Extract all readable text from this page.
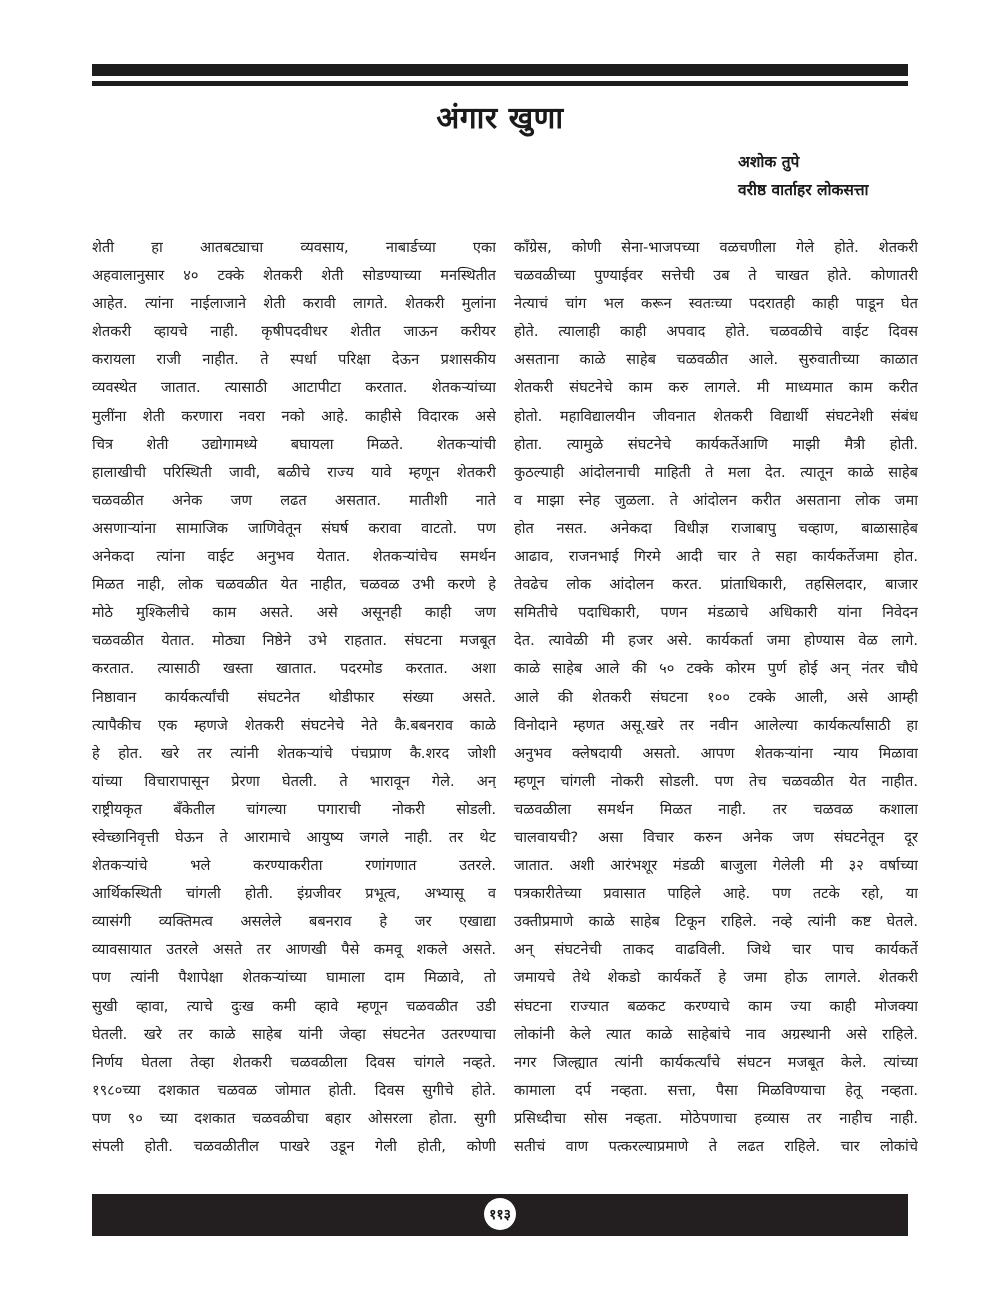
अंगार खुणा
अशोक तुपे
वरीष्ठ वार्ताहर लोकसत्ता
शेती हा आतबट्याचा व्यवसाय, नाबार्डच्या एका
अहवालानुसार ४० टक्के शेतकरी शेती सोडण्याच्या मनस्थितीत
आहेत. त्यांना नाईलाजाने शेती करावी लागते. शेतकरी मुलांना
शेतकरी व्हायचे नाही. कृषीपदवीधर शेतीत जाऊन करीयर
करायला राजी नाहीत. ते स्पर्धा परिक्षा देऊन प्रशासकीय
व्यवस्थेत जातात. त्यासाठी आटापीटा करतात. शेतकऱ्यांच्या
मुलींना शेती करणारा नवरा नको आहे. काहीसे विदारक असे
चित्र शेती उद्योगामध्ये बघायला मिळते. शेतकऱ्यांची
हालाखीची परिस्थिती जावी, बळीचे राज्य यावे म्हणून शेतकरी
चळवळीत अनेक जण लढत असतात. मातीशी नाते
असणाऱ्यांना सामाजिक जाणिवेतून संघर्ष करावा वाटतो. पण
अनेकदा त्यांना वाईट अनुभव येतात. शेतकऱ्यांचेच समर्थन
मिळत नाही, लोक चळवळीत येत नाहीत, चळवळ उभी करणे हे
मोठे मुश्किलीचे काम असते. असे असूनही काही जण
चळवळीत येतात. मोठ्या निष्ठेने उभे राहतात. संघटना मजबूत
करतात. त्यासाठी खस्ता खातात. पदरमोड करतात. अशा
निष्ठावान कार्यकर्त्यांची संघटनेत थोडीफार संख्या असते.
त्यापैकीच एक म्हणजे शेतकरी संघटनेचे नेते कै.बबनराव काळे
हे होत. खरे तर त्यांनी शेतकऱ्यांचे पंचप्राण कै.शरद जोशी
यांच्या विचारापासून प्रेरणा घेतली. ते भारावून गेले. अन्
राष्ट्रीयकृत बँकेतील चांगल्या पगाराची नोकरी सोडली.
स्वेच्छानिवृत्ती घेऊन ते आरामाचे आयुष्य जगले नाही. तर थेट
शेतकऱ्यांचे भले करण्याकरीता रणांगणात उतरले.
आर्थिकस्थिती चांगली होती. इंग्रजीवर प्रभूत्व, अभ्यासू व
व्यासंगी व्यक्तिमत्व असलेले बबनराव हे जर एखाद्या
व्यावसायात उतरले असते तर आणखी पैसे कमवू शकले असते.
पण त्यांनी पैशापेक्षा शेतकऱ्यांच्या घामाला दाम मिळावे, तो
सुखी व्हावा, त्याचे दुःख कमी व्हावे म्हणून चळवळीत उडी
घेतली. खरे तर काळे साहेब यांनी जेव्हा संघटनेत उतरण्याचा
निर्णय घेतला तेव्हा शेतकरी चळवळीला दिवस चांगले नव्हते.
१९८०च्या दशकात चळवळ जोमात होती. दिवस सुगीचे होते.
पण ९० च्या दशकात चळवळीचा बहार ओसरला होता. सुगी
संपली होती. चळवळीतील पाखरे उडून गेली होती, कोणी
काँग्रेस, कोणी सेना-भाजपच्या वळचणीला गेले होते. शेतकरी
चळवळीच्या पुण्याईवर सत्तेची उब ते चाखत होते. कोणातरी
नेत्याचं चांग भल करून स्वतःच्या पदरातही काही पाडून घेत
होते. त्यालाही काही अपवाद होते. चळवळीचे वाईट दिवस
असताना काळे साहेब चळवळीत आले. सुरुवातीच्या काळात
शेतकरी संघटनेचे काम करु लागले. मी माध्यमात काम करीत
होतो. महाविद्यालयीन जीवनात शेतकरी विद्यार्थी संघटनेशी संबंध
होता. त्यामुळे संघटनेचे कार्यकर्तेआणि माझी मैत्री होती.
कुठल्याही आंदोलनाची माहिती ते मला देत. त्यातून काळे साहेब
व माझा स्नेह जुळला. ते आंदोलन करीत असताना लोक जमा
होत नसत. अनेकदा विधीज्ञ राजाबापु चव्हाण, बाळासाहेब
आढाव, राजनभाई गिरमे आदी चार ते सहा कार्यकर्तेजमा होत.
तेवढेच लोक आंदोलन करत. प्रांताधिकारी, तहसिलदार, बाजार
समितीचे पदाधिकारी, पणन मंडळाचे अधिकारी यांना निवेदन
देत. त्यावेळी मी हजर असे. कार्यकर्ता जमा होण्यास वेळ लागे.
काळे साहेब आले की ५० टक्के कोरम पुर्ण होई अन् नंतर चौघे
आले की शेतकरी संघटना १०० टक्के आली, असे आम्ही
विनोदाने म्हणत असू.खरे तर नवीन आलेल्या कार्यकर्त्यांसाठी हा
अनुभव क्लेषदायी असतो. आपण शेतकऱ्यांना न्याय मिळावा
म्हणून चांगली नोकरी सोडली. पण तेच चळवळीत येत नाहीत.
चळवळीला समर्थन मिळत नाही. तर चळवळ कशाला
चालवायची? असा विचार करुन अनेक जण संघटनेतून दूर
जातात. अशी आरंभशूर मंडळी बाजुला गेलेली मी ३२ वर्षाच्या
पत्रकारीतेच्या प्रवासात पाहिले आहे. पण तटके रहो, या
उक्तीप्रमाणे काळे साहेब टिकून राहिले. नव्हे त्यांनी कष्ट घेतले.
अन् संघटनेची ताकद वाढविली. जिथे चार पाच कार्यकर्ते
जमायचे तेथे शेकडो कार्यकर्ते हे जमा होऊ लागले. शेतकरी
संघटना राज्यात बळकट करण्याचे काम ज्या काही मोजक्या
लोकांनी केले त्यात काळे साहेबांचे नाव अग्रस्थानी असे राहिले.
नगर जिल्ह्यात त्यांनी कार्यकर्त्यांचे संघटन मजबूत केले. त्यांच्या
कामाला दर्प नव्हता. सत्ता, पैसा मिळविण्याचा हेतू नव्हता.
प्रसिध्दीचा सोस नव्हता. मोठेपणाचा हव्यास तर नाहीच नाही.
सतीचं वाण पत्करल्याप्रमाणे ते लढत राहिले. चार लोकांचे
११३
